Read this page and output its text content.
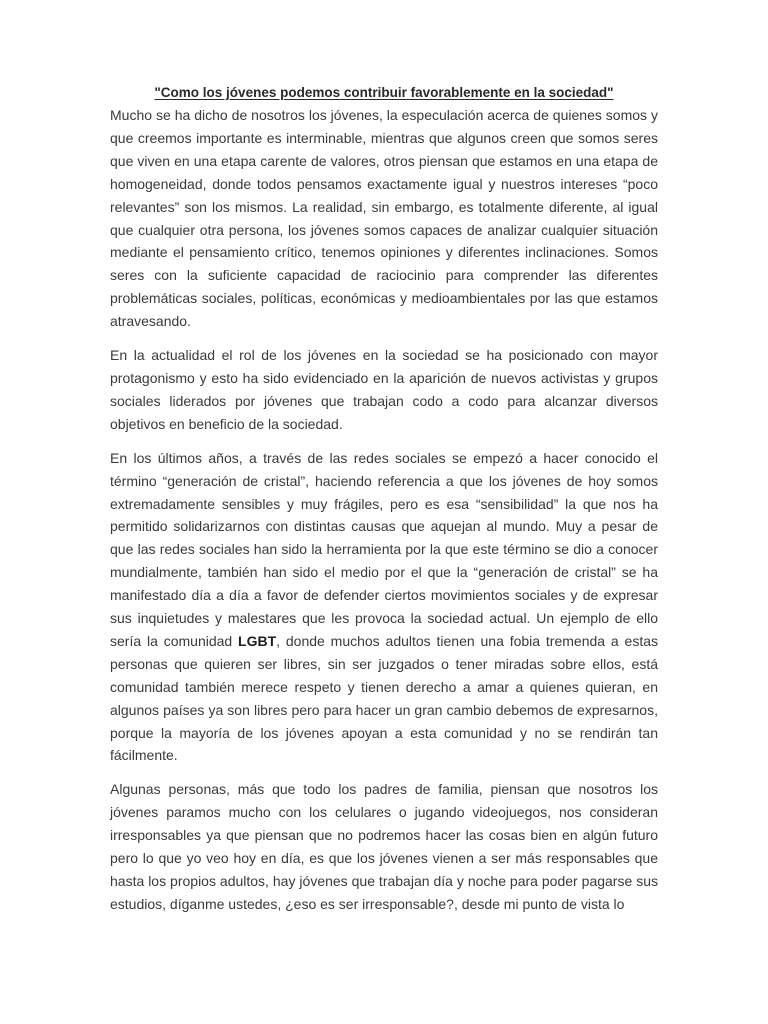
"Como los jóvenes podemos contribuir favorablemente en la sociedad"

Mucho se ha dicho de nosotros los jóvenes, la especulación acerca de quienes somos y que creemos importante es interminable, mientras que algunos creen que somos seres que viven en una etapa carente de valores, otros piensan que estamos en una etapa de homogeneidad, donde todos pensamos exactamente igual y nuestros intereses “poco relevantes” son los mismos. La realidad, sin embargo, es totalmente diferente, al igual que cualquier otra persona, los jóvenes somos capaces de analizar cualquier situación mediante el pensamiento crítico, tenemos opiniones y diferentes inclinaciones. Somos seres con la suficiente capacidad de raciocinio para comprender las diferentes problemáticas sociales, políticas, económicas y medioambientales por las que estamos atravesando.

En la actualidad el rol de los jóvenes en la sociedad se ha posicionado con mayor protagonismo y esto ha sido evidenciado en la aparición de nuevos activistas y grupos sociales liderados por jóvenes que trabajan codo a codo para alcanzar diversos objetivos en beneficio de la sociedad.

En los últimos años, a través de las redes sociales se empezó a hacer conocido el término “generación de cristal”, haciendo referencia a que los jóvenes de hoy somos extremadamente sensibles y muy frágiles, pero es esa “sensibilidad” la que nos ha permitido solidarizarnos con distintas causas que aquejan al mundo. Muy a pesar de que las redes sociales han sido la herramienta por la que este término se dio a conocer mundialmente, también han sido el medio por el que la “generación de cristal” se ha manifestado día a día a favor de defender ciertos movimientos sociales y de expresar sus inquietudes y malestares que les provoca la sociedad actual. Un ejemplo de ello sería la comunidad LGBT, donde muchos adultos tienen una fobia tremenda a estas personas que quieren ser libres, sin ser juzgados o tener miradas sobre ellos, está comunidad también merece respeto y tienen derecho a amar a quienes quieran, en algunos países ya son libres pero para hacer un gran cambio debemos de expresarnos, porque la mayoría de los jóvenes apoyan a esta comunidad y no se rendirán tan fácilmente.

Algunas personas, más que todo los padres de familia, piensan que nosotros los jóvenes paramos mucho con los celulares o jugando videojuegos, nos consideran irresponsables ya que piensan que no podremos hacer las cosas bien en algún futuro pero lo que yo veo hoy en día, es que los jóvenes vienen a ser más responsables que hasta los propios adultos, hay jóvenes que trabajan día y noche para poder pagarse sus estudios, díganme ustedes, ¿eso es ser irresponsable?, desde mi punto de vista lo
